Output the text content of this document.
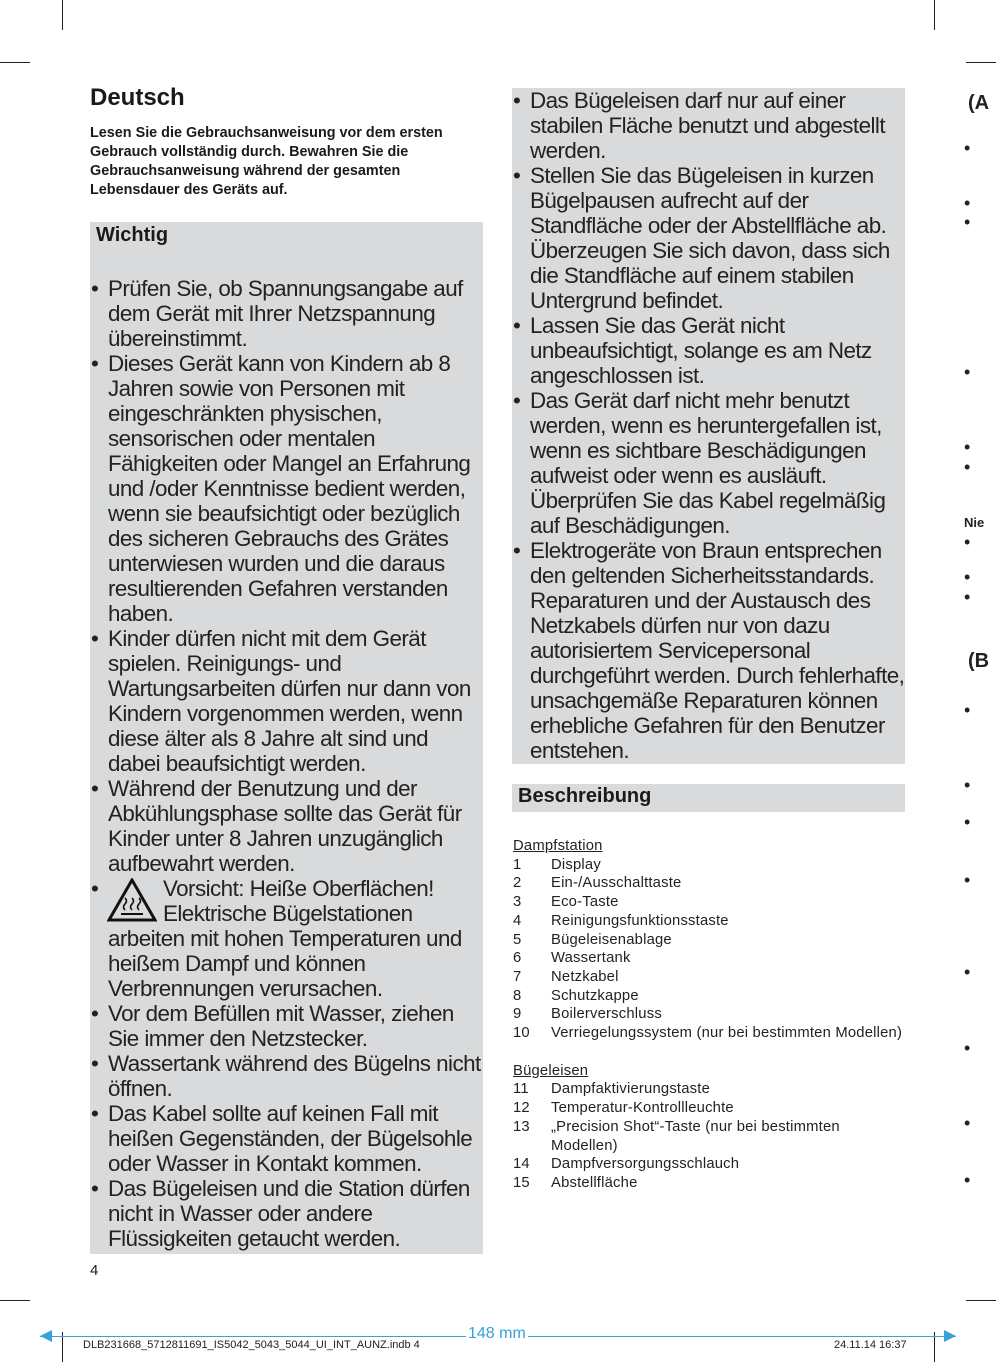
Deutsch
Lesen Sie die Gebrauchsanweisung vor dem ersten Gebrauch vollständig durch. Bewahren Sie die Gebrauchsanweisung während der gesamten Lebensdauer des Geräts auf.
Wichtig
• Prüfen Sie, ob Spannungsangabe auf dem Gerät mit Ihrer Netzspannung übereinstimmt.
• Dieses Gerät kann von Kindern ab 8 Jahren sowie von Personen mit eingeschränkten physischen, sensorischen oder mentalen Fähigkeiten oder Mangel an Erfahrung und /oder Kenntnisse bedient werden, wenn sie beaufsichtigt oder bezüglich des sicheren Gebrauchs des Grätes unterwiesen wurden und die daraus resultierenden Gefahren verstanden haben.
• Kinder dürfen nicht mit dem Gerät spielen. Reinigungs- und Wartungsarbeiten dürfen nur dann von Kindern vorgenommen werden, wenn diese älter als 8 Jahre alt sind und dabei beaufsichtigt werden.
• Während der Benutzung und der Abkühlungsphase sollte das Gerät für Kinder unter 8 Jahren unzugänglich aufbewahrt werden.
•	Vorsicht: Heiße Oberflächen!
Elektrische Bügelstationen
arbeiten mit hohen Temperaturen und heißem Dampf und können Verbrennungen verursachen.
• Vor dem Befüllen mit Wasser, ziehen Sie immer den Netzstecker.
• Wassertank während des Bügelns nicht öffnen.
• Das Kabel sollte auf keinen Fall mit heißen Gegenständen, der Bügelsohle oder Wasser in Kontakt kommen.
• Das Bügeleisen und die Station dürfen nicht in Wasser oder andere Flüssigkeiten getaucht werden.
• Das Bügeleisen darf nur auf einer stabilen Fläche benutzt und abgestellt werden.
• Stellen Sie das Bügeleisen in kurzen Bügelpausen aufrecht auf der Standfläche oder der Abstellfläche ab. Überzeugen Sie sich davon, dass sich die Standfläche auf einem stabilen Untergrund befindet.
• Lassen Sie das Gerät nicht unbeaufsichtigt, solange es am Netz angeschlossen ist.
• Das Gerät darf nicht mehr benutzt werden, wenn es heruntergefallen ist, wenn es sichtbare Beschädigungen aufweist oder wenn es ausläuft. Überprüfen Sie das Kabel regelmäßig auf Beschädigungen.
• Elektrogeräte von Braun entsprechen den geltenden Sicherheitsstandards. Reparaturen und der Austausch des Netzkabels dürfen nur von dazu autorisiertem Servicepersonal durchgeführt werden. Durch fehlerhafte, unsachgemäße Reparaturen können erhebliche Gefahren für den Benutzer entstehen.
Beschreibung
Dampfstation
1 Display
2 Ein-/Ausschalttaste
3 Eco-Taste
4 Reinigungsfunktionsstaste
5 Bügeleisenablage
6 Wassertank
7 Netzkabel
8 Schutzkappe
9 Boilerverschluss
10 Verriegelungssystem (nur bei bestimmten Modellen)
Bügeleisen
11 Dampfaktivierungstaste
12 Temperatur-Kontrollleuchte
13 „Precision Shot“-Taste (nur bei bestimmten Modellen)
14 Dampfversorgungsschlauch
15 Abstellfläche
(A
Nie
(B
•
•
•
•
•
•
•
•
•
•
•
•
•
•
•
•
•
4
148 mm
DLB231668_5712811691_IS5042_5043_5044_UI_INT_AUNZ.indb 4	24.11.14 16:37
